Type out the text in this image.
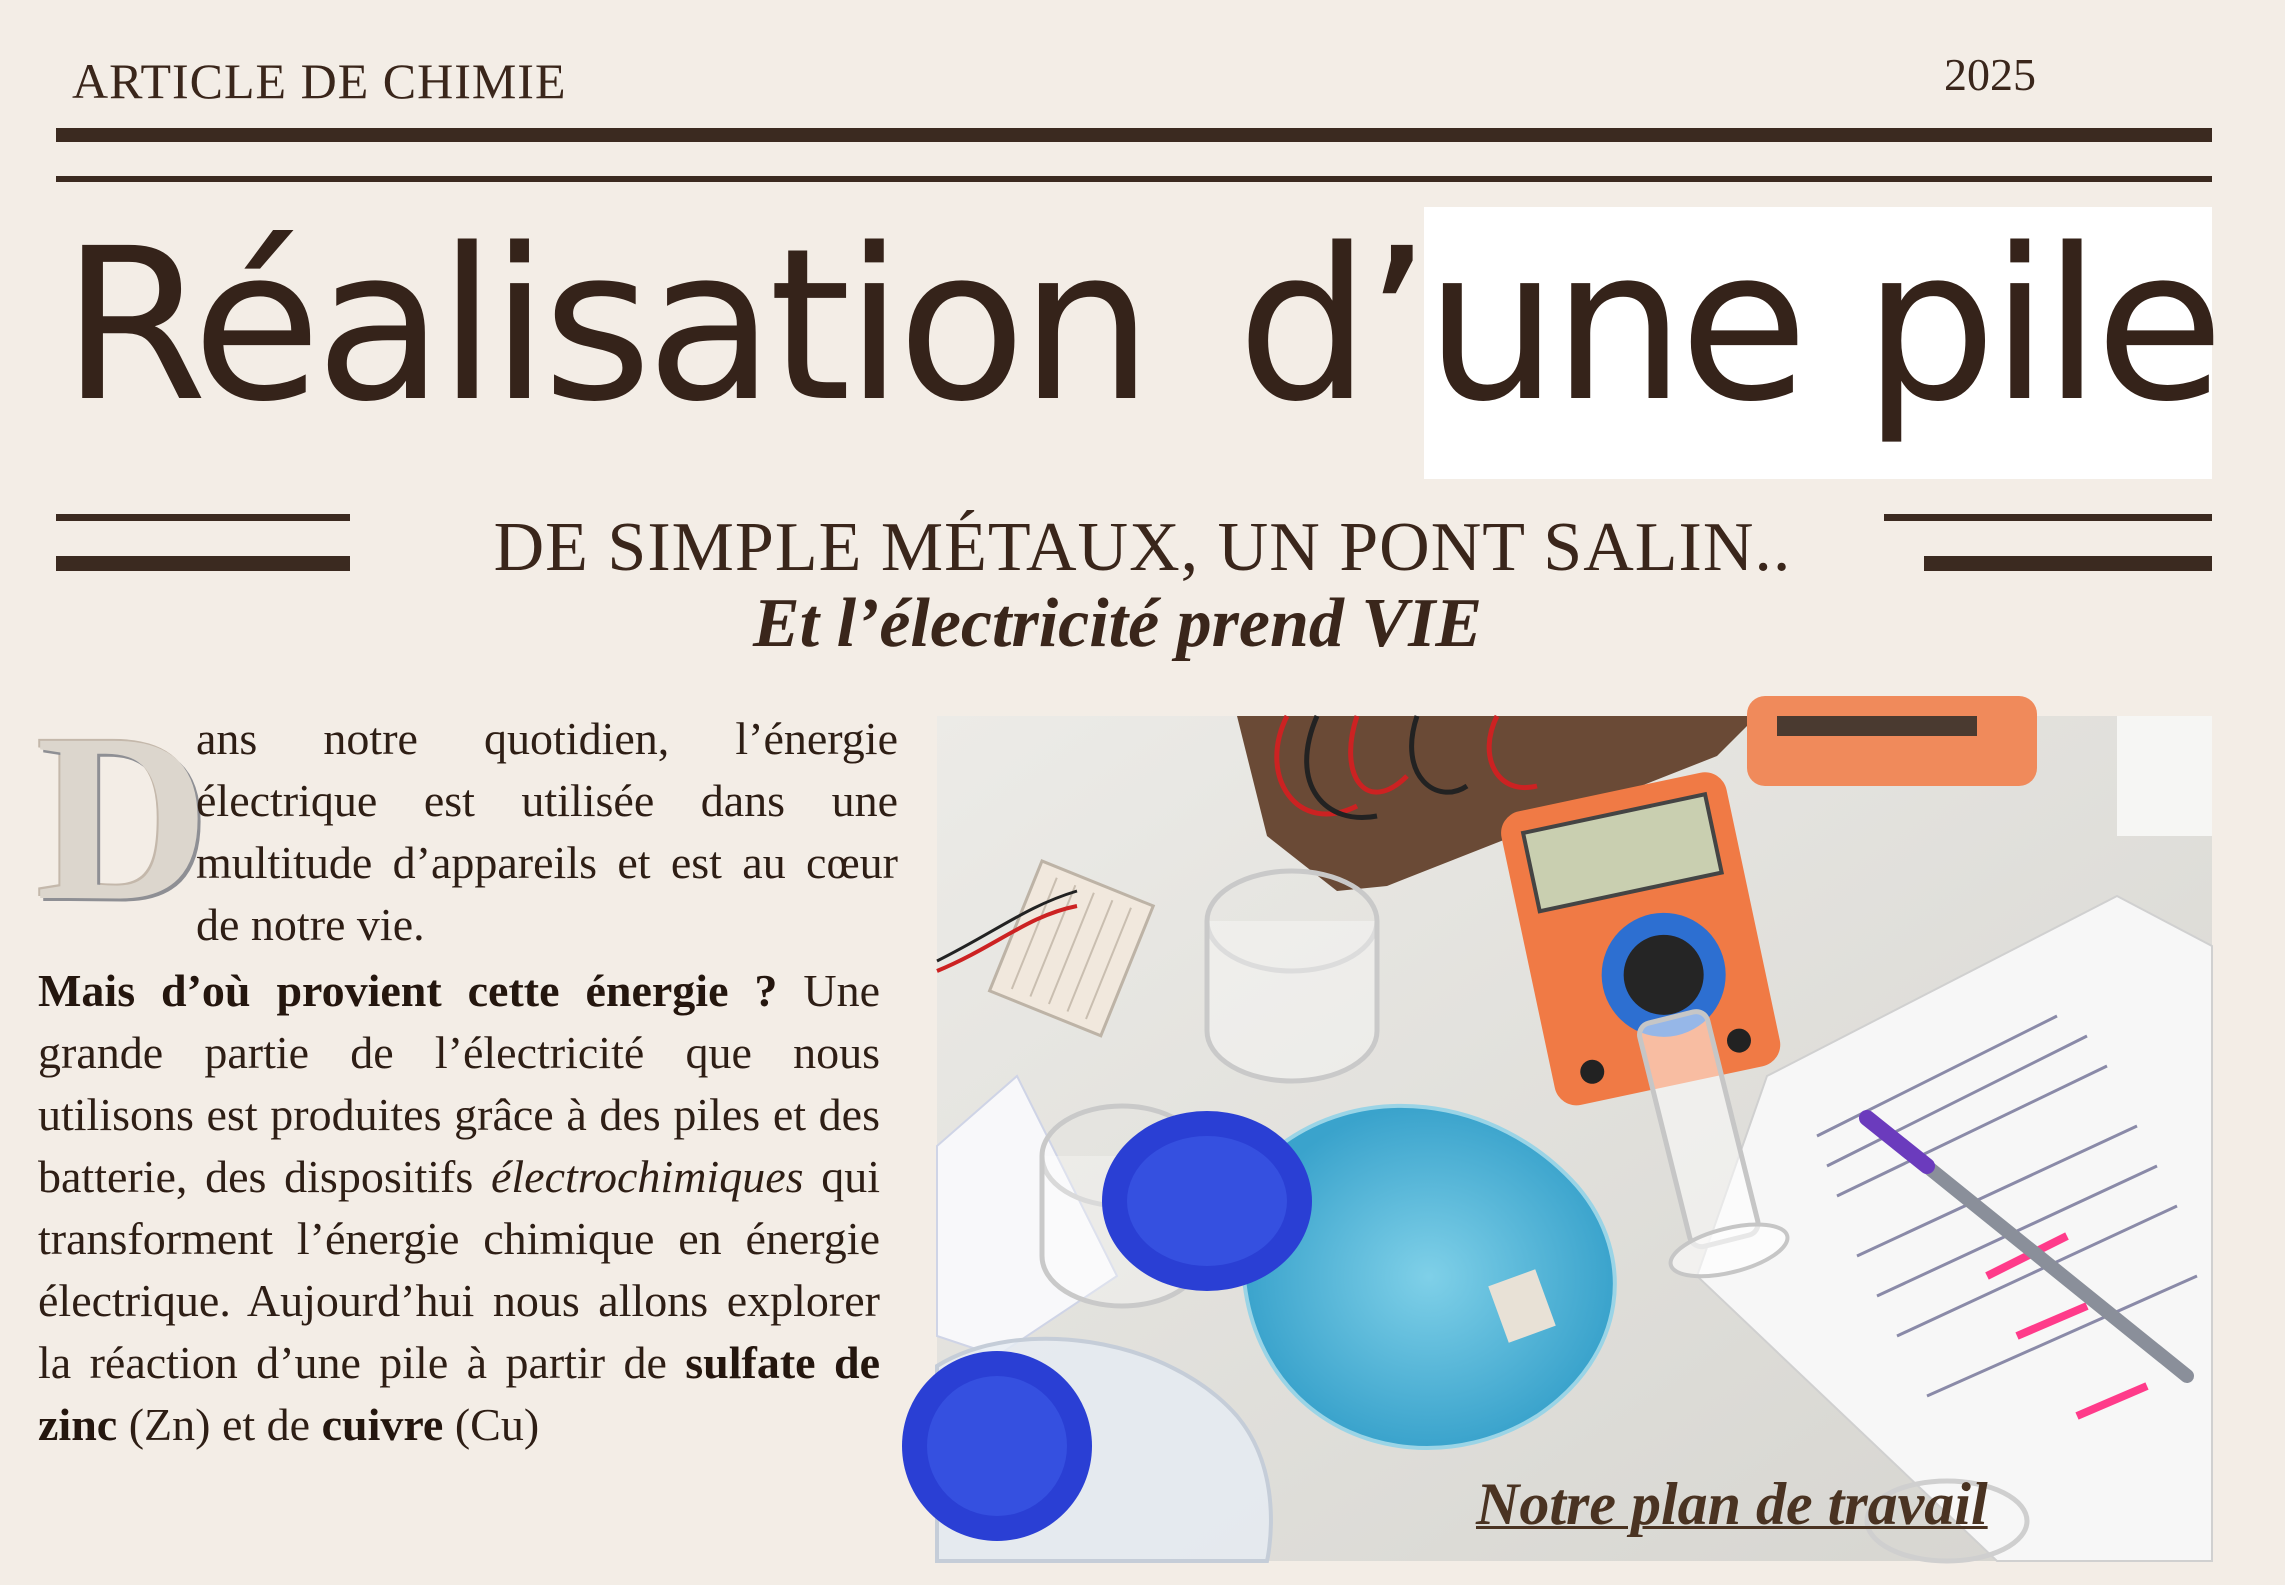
ARTICLE DE CHIMIE	2025
Réalisation d’une pile
DE SIMPLE MÉTAUX, UN PONT SALIN..
Et l’électricité prend VIE
D
ans notre quotidien, l’énergie électrique est utilisée dans une multitude d’appareils et est au cœur de notre vie.
Mais d’où provient cette énergie ? Une grande partie de l’électricité que nous utilisons est produites grâce à des piles et des batterie, des dispositifs électrochimiques qui transforment l’énergie chimique en énergie électrique. Aujourd’hui nous allons explorer la réaction d’une pile à partir de sulfate de zinc (Zn) et de cuivre (Cu)
Notre plan de travail
